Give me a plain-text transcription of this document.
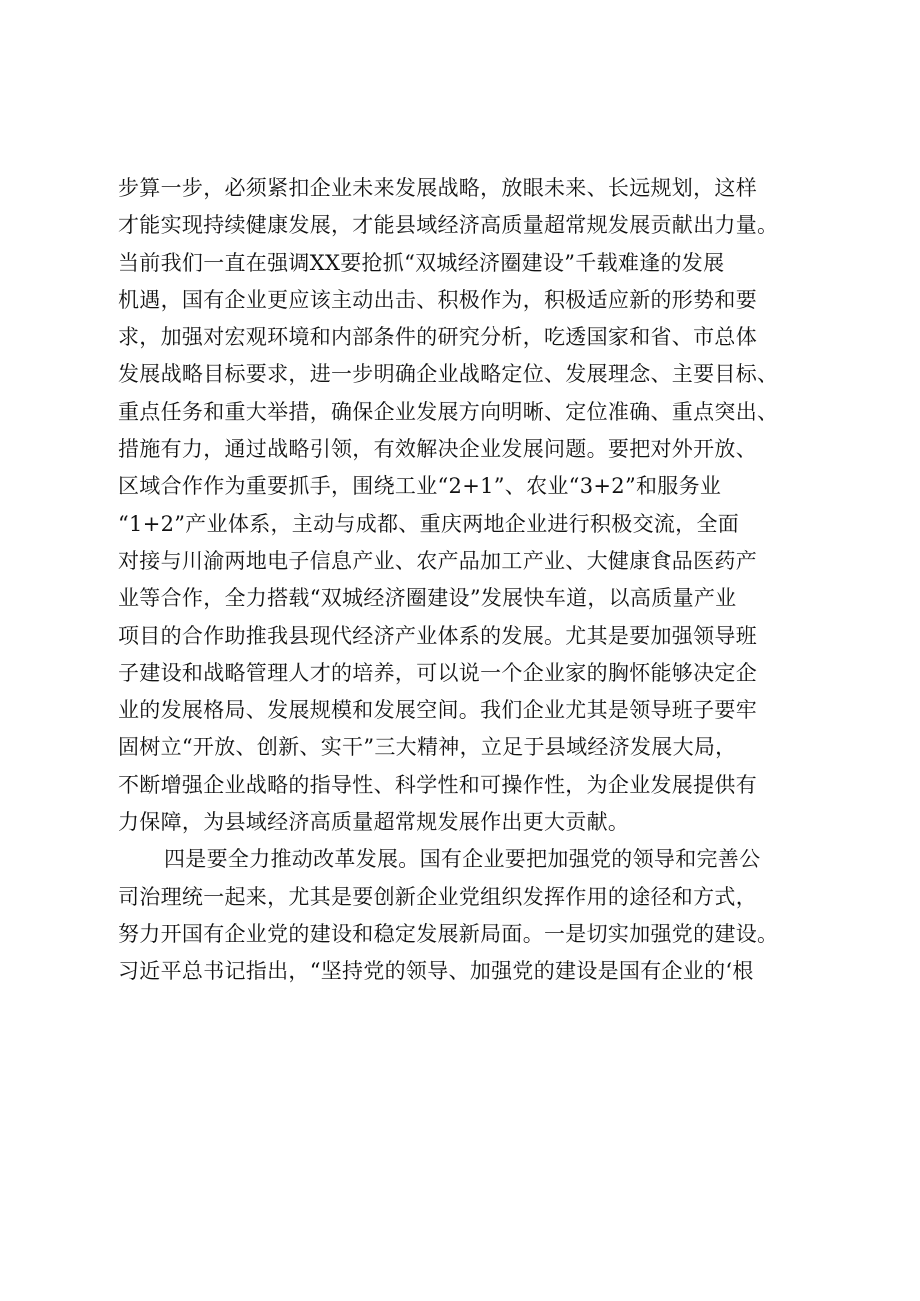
步算一步，必须紧扣企业未来发展战略，放眼未来、长远规划，这样
才能实现持续健康发展，才能县域经济高质量超常规发展贡献出力量。
当前我们一直在强调XX要抢抓“双城经济圈建设”千载难逢的发展
机遇，国有企业更应该主动出击、积极作为，积极适应新的形势和要
求，加强对宏观环境和内部条件的研究分析，吃透国家和省、市总体
发展战略目标要求，进一步明确企业战略定位、发展理念、主要目标、
重点任务和重大举措，确保企业发展方向明晰、定位准确、重点突出、
措施有力，通过战略引领，有效解决企业发展问题。要把对外开放、
区域合作作为重要抓手，围绕工业“2+1”、农业“3+2”和服务业
“1+2”产业体系，主动与成都、重庆两地企业进行积极交流，全面
对接与川渝两地电子信息产业、农产品加工产业、大健康食品医药产
业等合作，全力搭载“双城经济圈建设”发展快车道，以高质量产业
项目的合作助推我县现代经济产业体系的发展。尤其是要加强领导班
子建设和战略管理人才的培养，可以说一个企业家的胸怀能够决定企
业的发展格局、发展规模和发展空间。我们企业尤其是领导班子要牢
固树立“开放、创新、实干”三大精神，立足于县域经济发展大局，
不断增强企业战略的指导性、科学性和可操作性，为企业发展提供有
力保障，为县域经济高质量超常规发展作出更大贡献。
四是要全力推动改革发展。国有企业要把加强党的领导和完善公
司治理统一起来，尤其是要创新企业党组织发挥作用的途径和方式，
努力开国有企业党的建设和稳定发展新局面。一是切实加强党的建设。
习近平总书记指出，“坚持党的领导、加强党的建设是国有企业的‘根
